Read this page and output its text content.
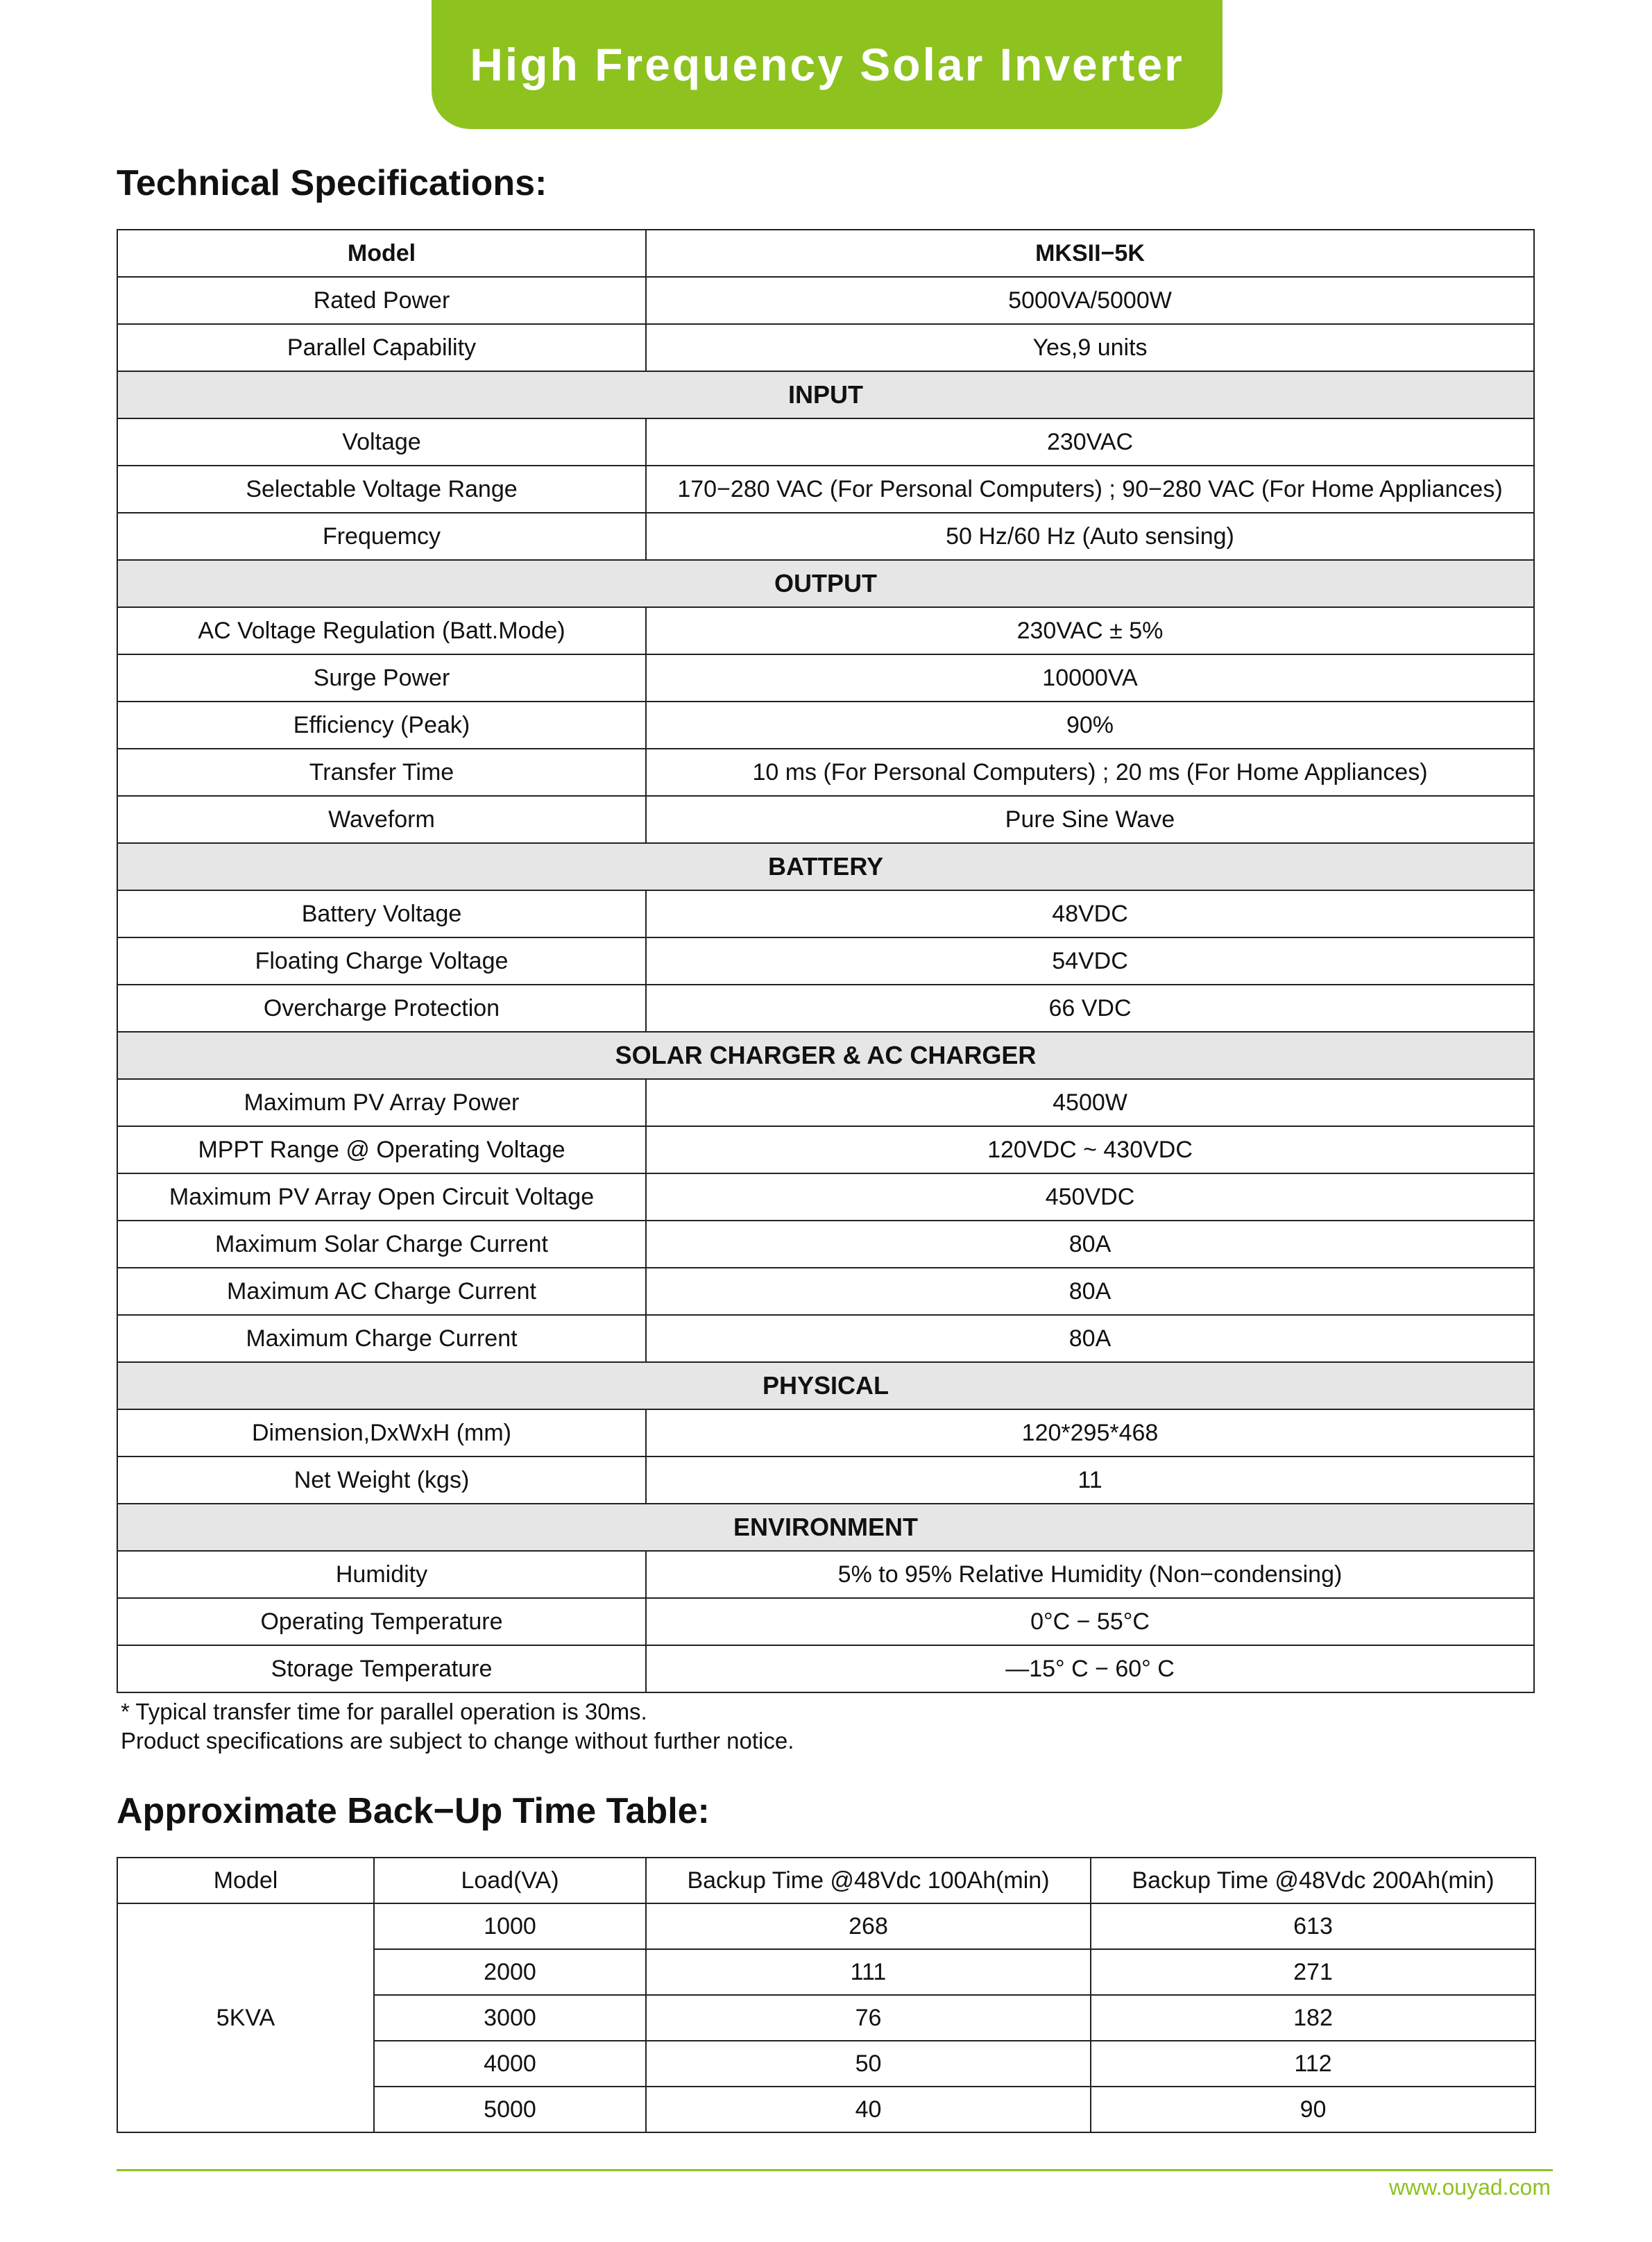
High Frequency Solar Inverter
Technical Specifications:
Model	MKSII−5K
Rated Power	5000VA/5000W
Parallel Capability	Yes,9 units
INPUT	
Voltage	230VAC
Selectable Voltage Range	170−280 VAC (For Personal Computers) ; 90−280 VAC (For Home Appliances)
Frequemcy	50 Hz/60 Hz (Auto sensing)
OUTPUT	
AC Voltage Regulation (Batt.Mode)	230VAC ± 5%
Surge Power	10000VA
Efficiency (Peak)	90%
Transfer Time	10 ms (For Personal Computers) ; 20 ms (For Home Appliances)
Waveform	Pure Sine Wave
BATTERY	
Battery Voltage	48VDC
Floating Charge Voltage	54VDC
Overcharge Protection	66 VDC
SOLAR CHARGER & AC CHARGER	
Maximum PV Array Power	4500W
MPPT Range @ Operating Voltage	120VDC ~ 430VDC
Maximum PV Array Open Circuit Voltage	450VDC
Maximum Solar Charge Current	80A
Maximum AC Charge Current	80A
Maximum Charge Current	80A
PHYSICAL	
Dimension,DxWxH (mm)	120*295*468
Net Weight (kgs)	11
ENVIRONMENT	
Humidity	5% to 95% Relative Humidity (Non−condensing)
Operating Temperature	0°C − 55°C
Storage Temperature	—15° C − 60° C
* Typical transfer time for parallel operation is 30ms.
Product specifications are subject to change without further notice.
Approximate Back−Up Time Table:
Model	Load(VA)	Backup Time @48Vdc 100Ah(min)	Backup Time @48Vdc 200Ah(min)
5KVA	1000	268	613
	2000	111	271
	3000	76	182
	4000	50	112
	5000	40	90
www.ouyad.com
